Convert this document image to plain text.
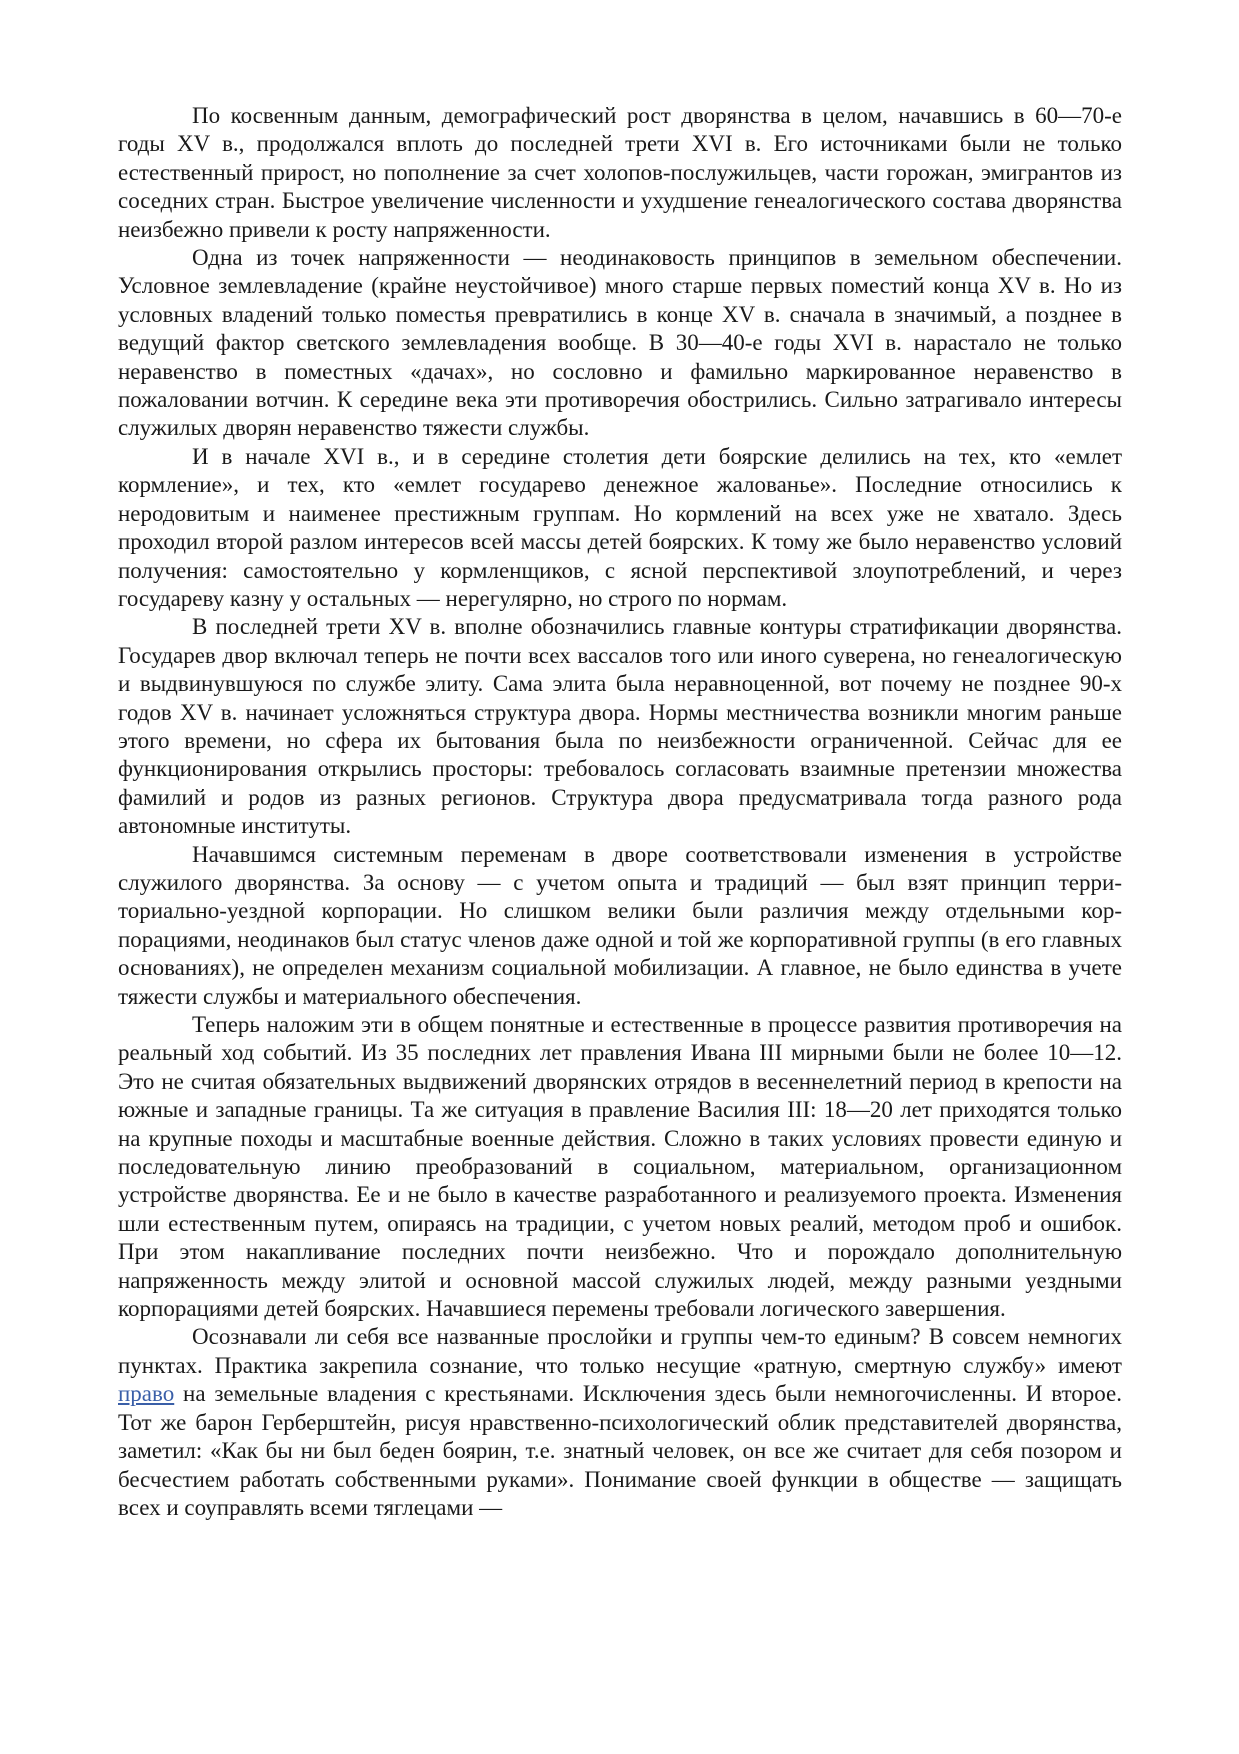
По косвенным данным, демографический рост дворянства в целом, начавшись в 60—70-е годы XV в., продолжался вплоть до последней трети XVI в. Его источниками были не только естественный прирост, но пополнение за счет холопов-послужильцев, части горожан, эмигрантов из соседних стран. Быстрое увеличение численности и ухудшение генеалогического состава дворянства неизбежно привели к росту напряженности.

Одна из точек напряженности — неодинаковость принципов в земельном обеспечении. Условное землевладение (крайне неустойчивое) много старше первых поместий конца XV в. Но из условных владений только поместья превратились в конце XV в. сначала в значимый, а позднее в ведущий фактор светского землевладения вообще. В 30—40-е годы XVI в. нарастало не только неравенство в поместных «дачах», но сословно и фамильно маркированное неравенство в пожаловании вотчин. К середине века эти противоречия обострились. Сильно затрагивало интересы служилых дворян неравенство тяжести службы.

И в начале XVI в., и в середине столетия дети боярские делились на тех, кто «емлет кормление», и тех, кто «емлет государево денежное жалованье». Последние относились к неродовитым и наименее престижным группам. Но кормлений на всех уже не хватало. Здесь проходил второй разлом интересов всей массы детей боярских. К тому же было неравенство условий получения: самостоятельно у кормленщиков, с ясной перспективой злоупотреблений, и через государеву казну у остальных — нерегулярно, но строго по нормам.

В последней трети XV в. вполне обозначились главные контуры стратификации дворянства. Государев двор включал теперь не почти всех вассалов того или иного суверена, но генеалогическую и выдвинувшуюся по службе элиту. Сама элита была неравноценной, вот почему не позднее 90-х годов XV в. начинает усложняться структура двора. Нормы местничества возникли многим раньше этого времени, но сфера их бытования была по неизбежности ограниченной. Сейчас для ее функционирования открылись просторы: требовалось согласовать взаимные претензии множества фамилий и родов из разных регионов. Структура двора предусматривала тогда разного рода автономные институты.

Начавшимся системным переменам в дворе соответствовали изменения в устройстве служилого дворянства. За основу — с учетом опыта и традиций — был взят принцип территориально-уездной корпорации. Но слишком велики были различия между отдельными корпорациями, неодинаков был статус членов даже одной и той же корпоративной группы (в его главных основаниях), не определен механизм социальной мобилизации. А главное, не было единства в учете тяжести службы и материального обеспечения.

Теперь наложим эти в общем понятные и естественные в процессе развития противоречия на реальный ход событий. Из 35 последних лет правления Ивана III мирными были не более 10—12. Это не считая обязательных выдвижений дворянских отрядов в весеннелетний период в крепости на южные и западные границы. Та же ситуация в правление Василия III: 18—20 лет приходятся только на крупные походы и масштабные военные действия. Сложно в таких условиях провести единую и последовательную линию преобразований в социальном, материальном, организационном устройстве дворянства. Ее и не было в качестве разработанного и реализуемого проекта. Изменения шли естественным путем, опираясь на традиции, с учетом новых реалий, методом проб и ошибок. При этом накапливание последних почти неизбежно. Что и порождало дополнительную напряженность между элитой и основной массой служилых людей, между разными уездными корпорациями детей боярских. Начавшиеся перемены требовали логического завершения.

Осознавали ли себя все названные прослойки и группы чем-то единым? В совсем немногих пунктах. Практика закрепила сознание, что только несущие «ратную, смертную службу» имеют право на земельные владения с крестьянами. Исключения здесь были немногочисленны. И второе. Тот же барон Герберштейн, рисуя нравственно-психологический облик представителей дворянства, заметил: «Как бы ни был беден боярин, т.е. знатный человек, он все же считает для себя позором и бесчестием работать собственными руками». Понимание своей функции в обществе — защищать всех и соуправлять всеми тяглецами —
